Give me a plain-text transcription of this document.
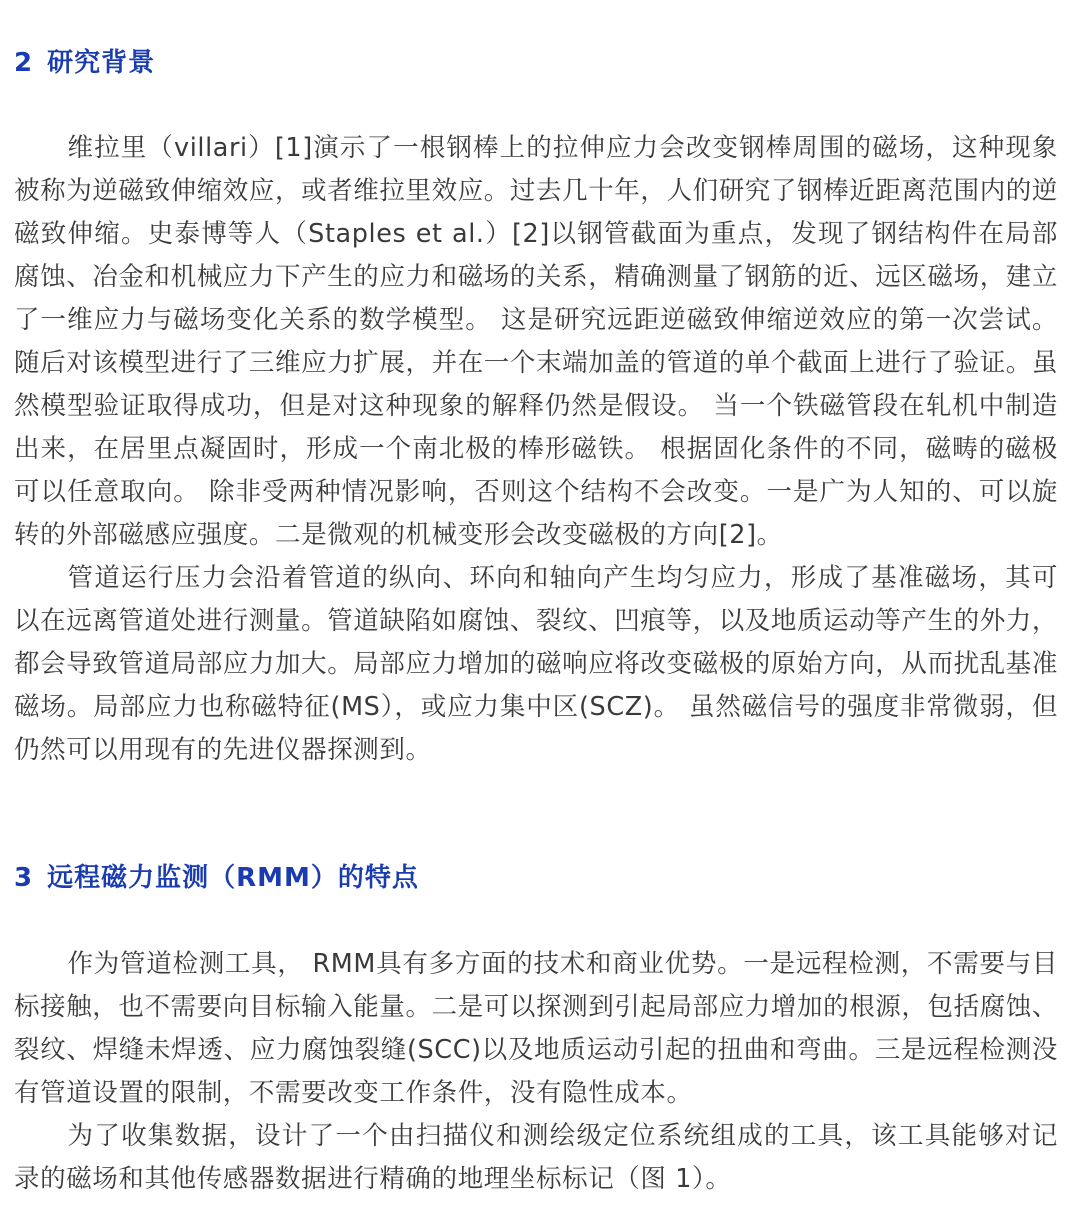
2 研究背景

维拉里（villari）[1]演示了一根钢棒上的拉伸应力会改变钢棒周围的磁场，这种现象被称为逆磁致伸缩效应，或者维拉里效应。过去几十年，人们研究了钢棒近距离范围内的逆磁致伸缩。史泰博等人（Staples et al.）[2]以钢管截面为重点，发现了钢结构件在局部腐蚀、冶金和机械应力下产生的应力和磁场的关系，精确测量了钢筋的近、远区磁场，建立了一维应力与磁场变化关系的数学模型。 这是研究远距逆磁致伸缩逆效应的第一次尝试。随后对该模型进行了三维应力扩展，并在一个末端加盖的管道的单个截面上进行了验证。虽然模型验证取得成功，但是对这种现象的解释仍然是假设。 当一个铁磁管段在轧机中制造出来，在居里点凝固时，形成一个南北极的棒形磁铁。 根据固化条件的不同，磁畴的磁极可以任意取向。 除非受两种情况影响，否则这个结构不会改变。一是广为人知的、可以旋转的外部磁感应强度。二是微观的机械变形会改变磁极的方向[2]。

管道运行压力会沿着管道的纵向、环向和轴向产生均匀应力，形成了基准磁场，其可以在远离管道处进行测量。管道缺陷如腐蚀、裂纹、凹痕等，以及地质运动等产生的外力，都会导致管道局部应力加大。局部应力增加的磁响应将改变磁极的原始方向，从而扰乱基准磁场。局部应力也称磁特征(MS），或应力集中区(SCZ)。 虽然磁信号的强度非常微弱，但仍然可以用现有的先进仪器探测到。

3 远程磁力监测（RMM）的特点

作为管道检测工具， RMM具有多方面的技术和商业优势。一是远程检测，不需要与目标接触，也不需要向目标输入能量。二是可以探测到引起局部应力增加的根源，包括腐蚀、裂纹、焊缝未焊透、应力腐蚀裂缝(SCC)以及地质运动引起的扭曲和弯曲。三是远程检测没有管道设置的限制，不需要改变工作条件，没有隐性成本。

为了收集数据，设计了一个由扫描仪和测绘级定位系统组成的工具，该工具能够对记录的磁场和其他传感器数据进行精确的地理坐标标记（图 1）。
